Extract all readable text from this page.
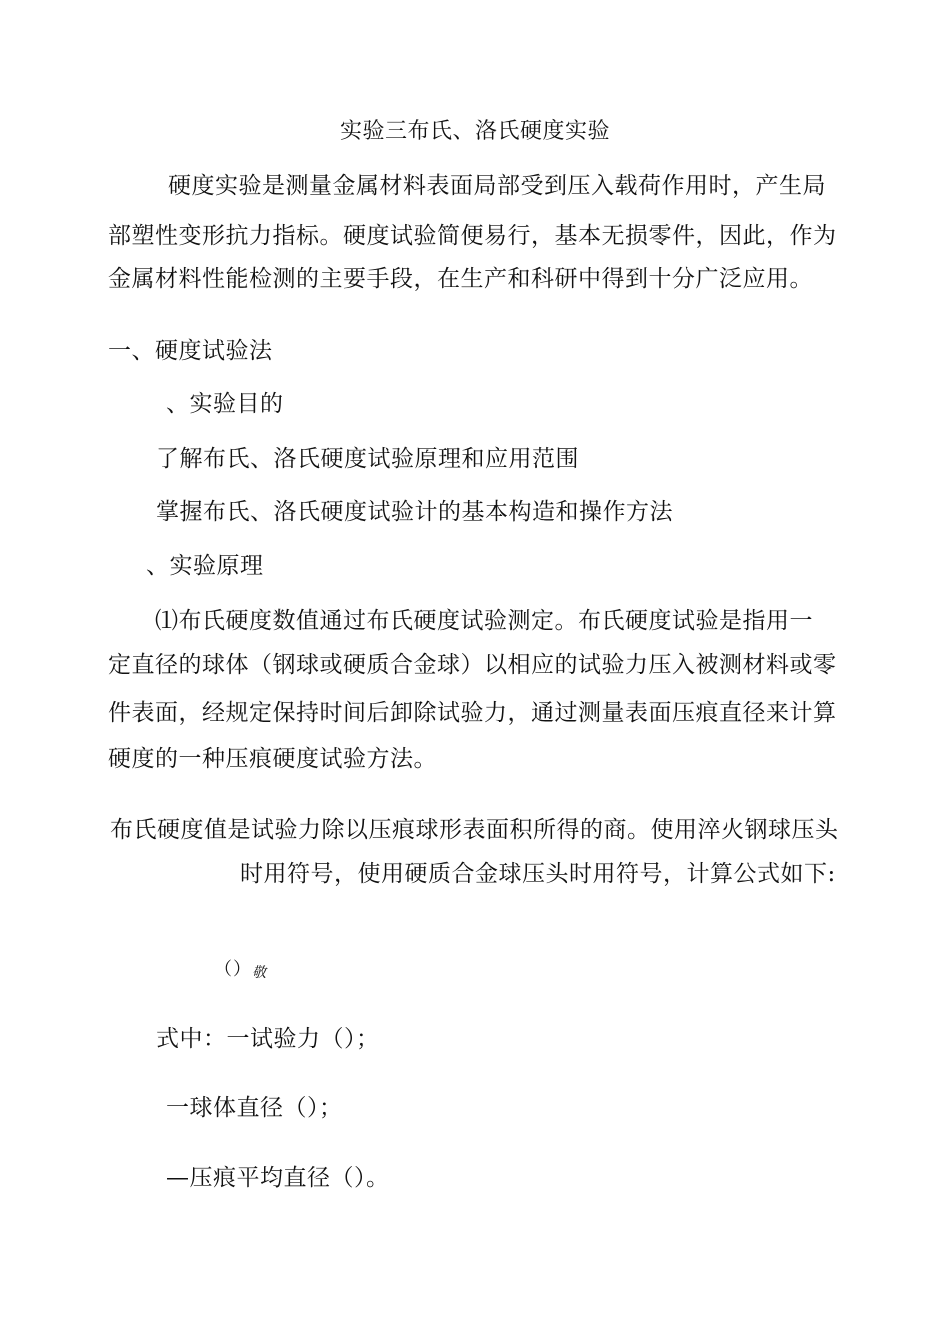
实验三布氏、洛氏硬度实验
硬度实验是测量金属材料表面局部受到压入载荷作用时，产生局
部塑性变形抗力指标。硬度试验简便易行，基本无损零件，因此，作为
金属材料性能检测的主要手段，在生产和科研中得到十分广泛应用。
一、硬度试验法
、实验目的
了解布氏、洛氏硬度试验原理和应用范围
掌握布氏、洛氏硬度试验计的基本构造和操作方法
、实验原理
⑴布氏硬度数值通过布氏硬度试验测定。布氏硬度试验是指用一
定直径的球体（钢球或硬质合金球）以相应的试验力压入被测材料或零
件表面，经规定保持时间后卸除试验力，通过测量表面压痕直径来计算
硬度的一种压痕硬度试验方法。
布氏硬度值是试验力除以压痕球形表面积所得的商。使用淬火钢球压头
时用符号，使用硬质合金球压头时用符号，计算公式如下:
（） 敬
式中：一试验力（）；
一球体直径（）；
—压痕平均直径（）。
